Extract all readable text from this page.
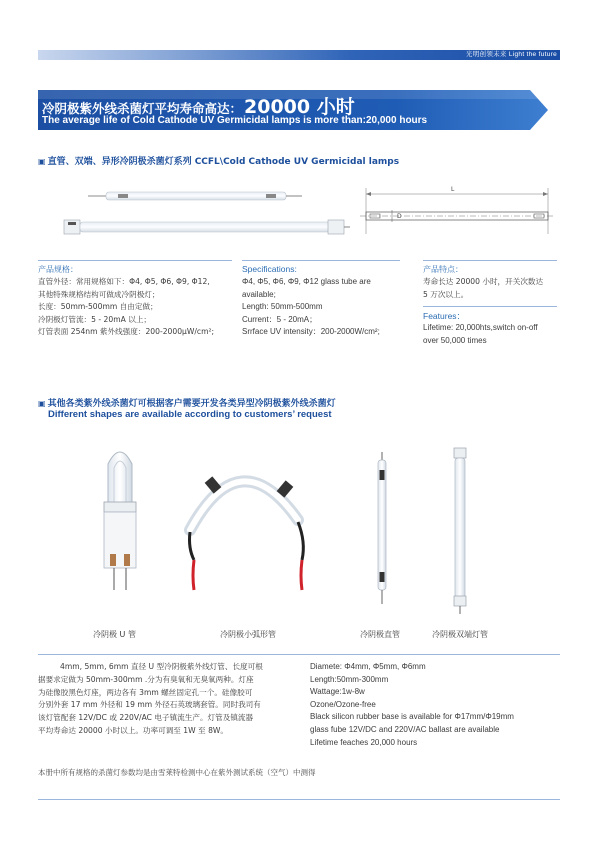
光明创领未来 Light the future
冷阴极紫外线杀菌灯平均寿命高达： 20000 小时
The average life of Cold Cathode UV Germicidal lamps is more than:20,000 hours
▣ 直管、双端、异形冷阴极杀菌灯系列 CCFL\Cold Cathode UV Germicidal lamps
L
D
产品规格：
直管外径：常用规格如下：Φ4, Φ5, Φ6, Φ9, Φ12,
其他特殊规格结构可做成冷阴极灯；
长度：50mm-500mm 自由定做；
冷阴极灯管流：5 - 20mA 以上；
灯管表面 254nm 紫外线强度：200-2000μW/cm²;
Specifications:
Φ4, Φ5, Φ6, Φ9, Φ12 glass tube are
available;
Length: 50mm-500mm
Current：5 - 20mA；
Srrface UV intensity：200-2000W/cm²;
产品特点：
寿命长达 20000 小时，开关次数达
5 万次以上。
Features：
Lifetime: 20,000hts,switch on-off
over 50,000 times
▣ 其他各类紫外线杀菌灯可根据客户需要开发各类异型冷阴极紫外线杀菌灯
Different shapes are available according to customers’ request
冷阴极 U 管	冷阴极小弧形管	冷阴极直管	冷阴极双端灯管
4mm, 5mm, 6mm 直径 U 型冷阴极紫外线灯管、长度可根
据要求定做为 50mm-300mm .分为有臭氧和无臭氧两种。灯座
为硅像胶黑色灯座，两边各有 3mm 螺丝固定孔一个。硅像胶可
分别外套 17 mm 外径和 19 mm 外径石英玻璃套管。同时我司有
该灯管配套 12V/DC 或 220V/AC 电子镇流生产。灯管及镇流器
平均寿命达 20000 小时以上。功率可调至 1W 至 8W。
Diamete: Φ4mm, Φ5mm, Φ6mm
Length:50mm-300mm
Wattage:1w-8w
Ozone/Ozone-free
Black silicon rubber base is available for Φ17mm/Φ19mm
glass fube 12V/DC and 220V/AC ballast are available
Lifetime feaches 20,000 hours
本册中所有规格的杀菌灯参数均是由雪莱特检测中心在紫外测试系统（空气）中测得
